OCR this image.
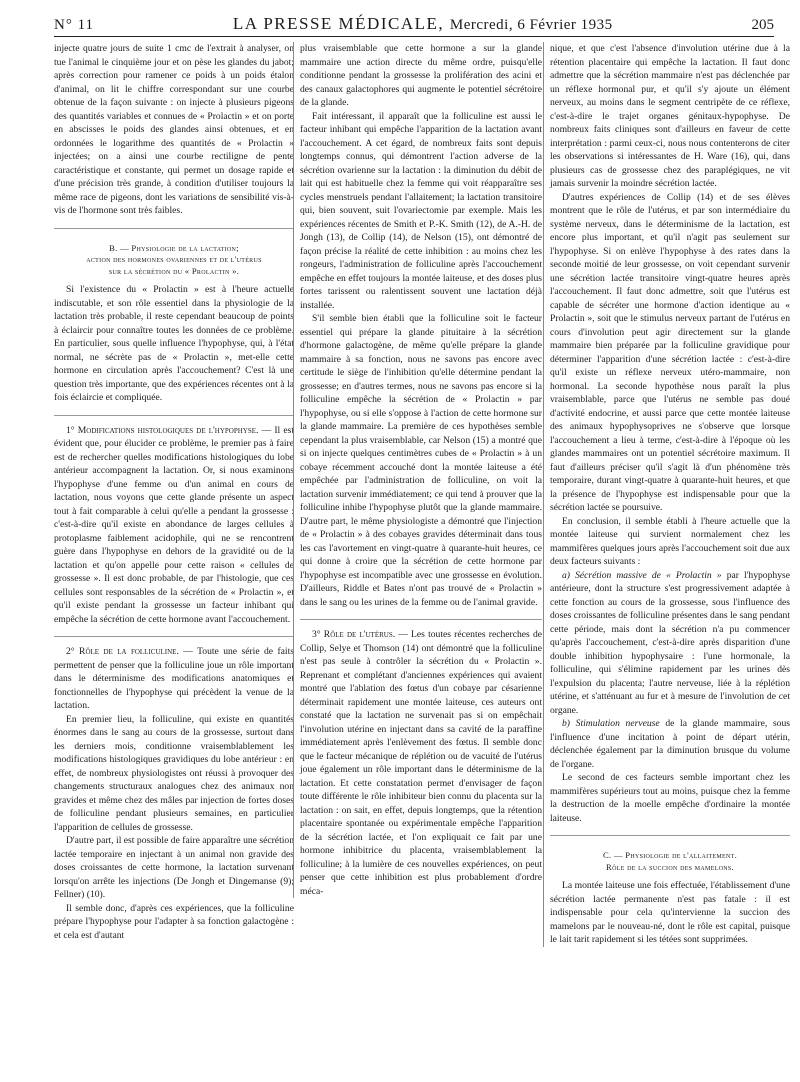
N° 11	LA PRESSE MÉDICALE, Mercredi, 6 Février 1935	205

injecte quatre jours de suite 1 cmc de l'extrait à analyser, on tue l'animal le cinquième jour et on pèse les glandes du jabot; après correction pour ramener ce poids à un poids étalon d'animal, on lit le chiffre correspondant sur une courbe obtenue de la façon suivante : on injecte à plusieurs pigeons des quantités variables et connues de « Prolactin » et on porte en abscisses le poids des glandes ainsi obtenues, et en ordonnées le logarithme des quantités de « Prolactin » injectées; on a ainsi une courbe rectiligne de pente caractéristique et constante, qui permet un dosage rapide et d'une précision très grande, à condition d'utiliser toujours la même race de pigeons, dont les variations de sensibilité vis-à-vis de l'hormone sont très faibles.

B. — Physiologie de la lactation;
action des hormones ovariennes et de l'utérus
sur la sécrétion du « Prolactin ».

Si l'existence du « Prolactin » est à l'heure actuelle indiscutable, et son rôle essentiel dans la physiologie de la lactation très probable, il reste cependant beaucoup de points à éclaircir pour connaître toutes les données de ce problème. En particulier, sous quelle influence l'hypophyse, qui, à l'état normal, ne sécrète pas de « Prolactin », met-elle cette hormone en circulation après l'accouchement? C'est là une question très importante, que des expériences récentes ont à la fois éclaircie et compliquée.

1° Modifications histologiques de l'hypophyse. — Il est évident que, pour élucider ce problème, le premier pas à faire est de rechercher quelles modifications histologiques du lobe antérieur accompagnent la lactation. Or, si nous examinons l'hypophyse d'une femme ou d'un animal en cours de lactation, nous voyons que cette glande présente un aspect tout à fait comparable à celui qu'elle a pendant la grossesse : c'est-à-dire qu'il existe en abondance de larges cellules à protoplasme faiblement acidophile, qui ne se rencontrent guère dans l'hypophyse en dehors de la gravidité ou de la lactation et qu'on appelle pour cette raison « cellules de grossesse ». Il est donc probable, de par l'histologie, que ces cellules sont responsables de la sécrétion de « Prolactin », et qu'il existe pendant la grossesse un facteur inhibant qui empêche la sécrétion de cette hormone avant l'accouchement.

2° Rôle de la folliculine. — Toute une série de faits permettent de penser que la folliculine joue un rôle important dans le déterminisme des modifications anatomiques et fonctionnelles de l'hypophyse qui précèdent la venue de la lactation.

En premier lieu, la folliculine, qui existe en quantités énormes dans le sang au cours de la grossesse, surtout dans les derniers mois, conditionne vraisemblablement les modifications histologiques gravidiques du lobe antérieur : en effet, de nombreux physiologistes ont réussi à provoquer des changements structuraux analogues chez des animaux non gravides et même chez des mâles par injection de fortes doses de folliculine pendant plusieurs semaines, en particulier l'apparition de cellules de grossesse.

D'autre part, il est possible de faire apparaître une sécrétion lactée temporaire en injectant à un animal non gravide des doses croissantes de cette hormone, la lactation survenant lorsqu'on arrête les injections (De Jongh et Dingemanse (9); Fellner) (10).

Il semble donc, d'après ces expériences, que la folliculine prépare l'hypophyse pour l'adapter à sa fonction galactogène : et cela est d'autant

plus vraisemblable que cette hormone a sur la glande mammaire une action directe du même ordre, puisqu'elle conditionne pendant la grossesse la prolifération des acini et des canaux galactophores qui augmente le potentiel sécrétoire de la glande.

Fait intéressant, il apparaît que la folliculine est aussi le facteur inhibant qui empêche l'apparition de la lactation avant l'accouchement. A cet égard, de nombreux faits sont depuis longtemps connus, qui démontrent l'action adverse de la sécrétion ovarienne sur la lactation : la diminution du débit de lait qui est habituelle chez la femme qui voit réapparaître ses cycles menstruels pendant l'allaitement; la lactation transitoire qui, bien souvent, suit l'ovariectomie par exemple. Mais les expériences récentes de Smith et P.-K. Smith (12), de A.-H. de Jongh (13), de Collip (14), de Nelson (15), ont démontré de façon précise la réalité de cette inhibition : au moins chez les rongeurs, l'administration de folliculine après l'accouchement empêche en effet toujours la montée laiteuse, et des doses plus fortes tarissent ou ralentissent souvent une lactation déjà installée.

S'il semble bien établi que la folliculine soit le facteur essentiel qui prépare la glande pituitaire à la sécrétion d'hormone galactogène, de même qu'elle prépare la glande mammaire à sa fonction, nous ne savons pas encore avec certitude le siège de l'inhibition qu'elle détermine pendant la grossesse; en d'autres termes, nous ne savons pas encore si la folliculine empêche la sécrétion de « Prolactin » par l'hypophyse, ou si elle s'oppose à l'action de cette hormone sur la glande mammaire. La première de ces hypothèses semble cependant la plus vraisemblable, car Nelson (15) a montré que si on injecte quelques centimètres cubes de « Prolactin » à un cobaye récemment accouché dont la montée laiteuse a été empêchée par l'administration de folliculine, on voit la lactation survenir immédiatement; ce qui tend à prouver que la folliculine inhibe l'hypophyse plutôt que la glande mammaire. D'autre part, le même physiologiste a démontré que l'injection de « Prolactin » à des cobayes gravides déterminait dans tous les cas l'avortement en vingt-quatre à quarante-huit heures, ce qui donne à croire que la sécrétion de cette hormone par l'hypophyse est incompatible avec une grossesse en évolution. D'ailleurs, Riddle et Bates n'ont pas trouvé de « Prolactin » dans le sang ou les urines de la femme ou de l'animal gravide.

3° Rôle de l'utérus. — Les toutes récentes recherches de Collip, Selye et Thomson (14) ont démontré que la folliculine n'est pas seule à contrôler la sécrétion du « Prolactin ». Reprenant et complétant d'anciennes expériences qui avaient montré que l'ablation des fœtus d'un cobaye par césarienne déterminait rapidement une montée laiteuse, ces auteurs ont constaté que la lactation ne survenait pas si on empêchait l'involution utérine en injectant dans sa cavité de la paraffine immédiatement après l'enlèvement des fœtus. Il semble donc que le facteur mécanique de réplétion ou de vacuité de l'utérus joue également un rôle important dans le déterminisme de la lactation. Et cette constatation permet d'envisager de façon toute différente le rôle inhibiteur bien connu du placenta sur la lactation : on sait, en effet, depuis longtemps, que la rétention placentaire spontanée ou expérimentale empêche l'apparition de la sécrétion lactée, et l'on expliquait ce fait par une hormone inhibitrice du placenta, vraisemblablement la folliculine; à la lumière de ces nouvelles expériences, on peut penser que cette inhibition est plus probablement d'ordre méca-

nique, et que c'est l'absence d'involution utérine due à la rétention placentaire qui empêche la lactation. Il faut donc admettre que la sécrétion mammaire n'est pas déclenchée par un réflexe hormonal pur, et qu'il s'y ajoute un élément nerveux, au moins dans le segment centripète de ce réflexe, c'est-à-dire le trajet organes génitaux-hypophyse. De nombreux faits cliniques sont d'ailleurs en faveur de cette interprétation : parmi ceux-ci, nous nous contenterons de citer les observations si intéressantes de H. Ware (16), qui, dans plusieurs cas de grossesse chez des paraplégiques, ne vit jamais survenir la moindre sécrétion lactée.

D'autres expériences de Collip (14) et de ses élèves montrent que le rôle de l'utérus, et par son intermédiaire du système nerveux, dans le déterminisme de la lactation, est encore plus important, et qu'il n'agit pas seulement sur l'hypophyse. Si on enlève l'hypophyse à des rates dans la seconde moitié de leur grossesse, on voit cependant survenir une sécrétion lactée transitoire vingt-quatre heures après l'accouchement. Il faut donc admettre, soit que l'utérus est capable de sécréter une hormone d'action identique au « Prolactin », soit que le stimulus nerveux partant de l'utérus en cours d'involution peut agir directement sur la glande mammaire bien préparée par la folliculine gravidique pour déterminer l'apparition d'une sécrétion lactée : c'est-à-dire qu'il existe un réflexe nerveux utéro-mammaire, non hormonal. La seconde hypothèse nous paraît la plus vraisemblable, parce que l'utérus ne semble pas doué d'activité endocrine, et aussi parce que cette montée laiteuse des animaux hypophysoprives ne s'observe que lorsque l'accouchement a lieu à terme, c'est-à-dire à l'époque où les glandes mammaires ont un potentiel sécrétoire maximum. Il faut d'ailleurs préciser qu'il s'agit là d'un phénomène très temporaire, durant vingt-quatre à quarante-huit heures, et que la présence de l'hypophyse est indispensable pour que la sécrétion lactée se poursuive.

En conclusion, il semble établi à l'heure actuelle que la montée laiteuse qui survient normalement chez les mammifères quelques jours après l'accouchement soit due aux deux facteurs suivants :

a) Sécrétion massive de « Prolactin » par l'hypophyse antérieure, dont la structure s'est progressivement adaptée à cette fonction au cours de la grossesse, sous l'influence des doses croissantes de folliculine présentes dans le sang pendant cette période, mais dont la sécrétion n'a pu commencer qu'après l'accouchement, c'est-à-dire après disparition d'une double inhibition hypophysaire : l'une hormonale, la folliculine, qui s'élimine rapidement par les urines dès l'expulsion du placenta; l'autre nerveuse, liée à la réplétion utérine, et s'atténuant au fur et à mesure de l'involution de cet organe.

b) Stimulation nerveuse de la glande mammaire, sous l'influence d'une incitation à point de départ utérin, déclenchée également par la diminution brusque du volume de l'organe.

Le second de ces facteurs semble important chez les mammifères supérieurs tout au moins, puisque chez la femme la destruction de la moelle empêche d'ordinaire la montée laiteuse.

C. — Physiologie de l'allaitement.
Rôle de la succion des mamelons.

La montée laiteuse une fois effectuée, l'établissement d'une sécrétion lactée permanente n'est pas fatale : il est indispensable pour cela qu'intervienne la succion des mamelons par le nouveau-né, dont le rôle est capital, puisque le lait tarit rapidement si les tétées sont supprimées.
